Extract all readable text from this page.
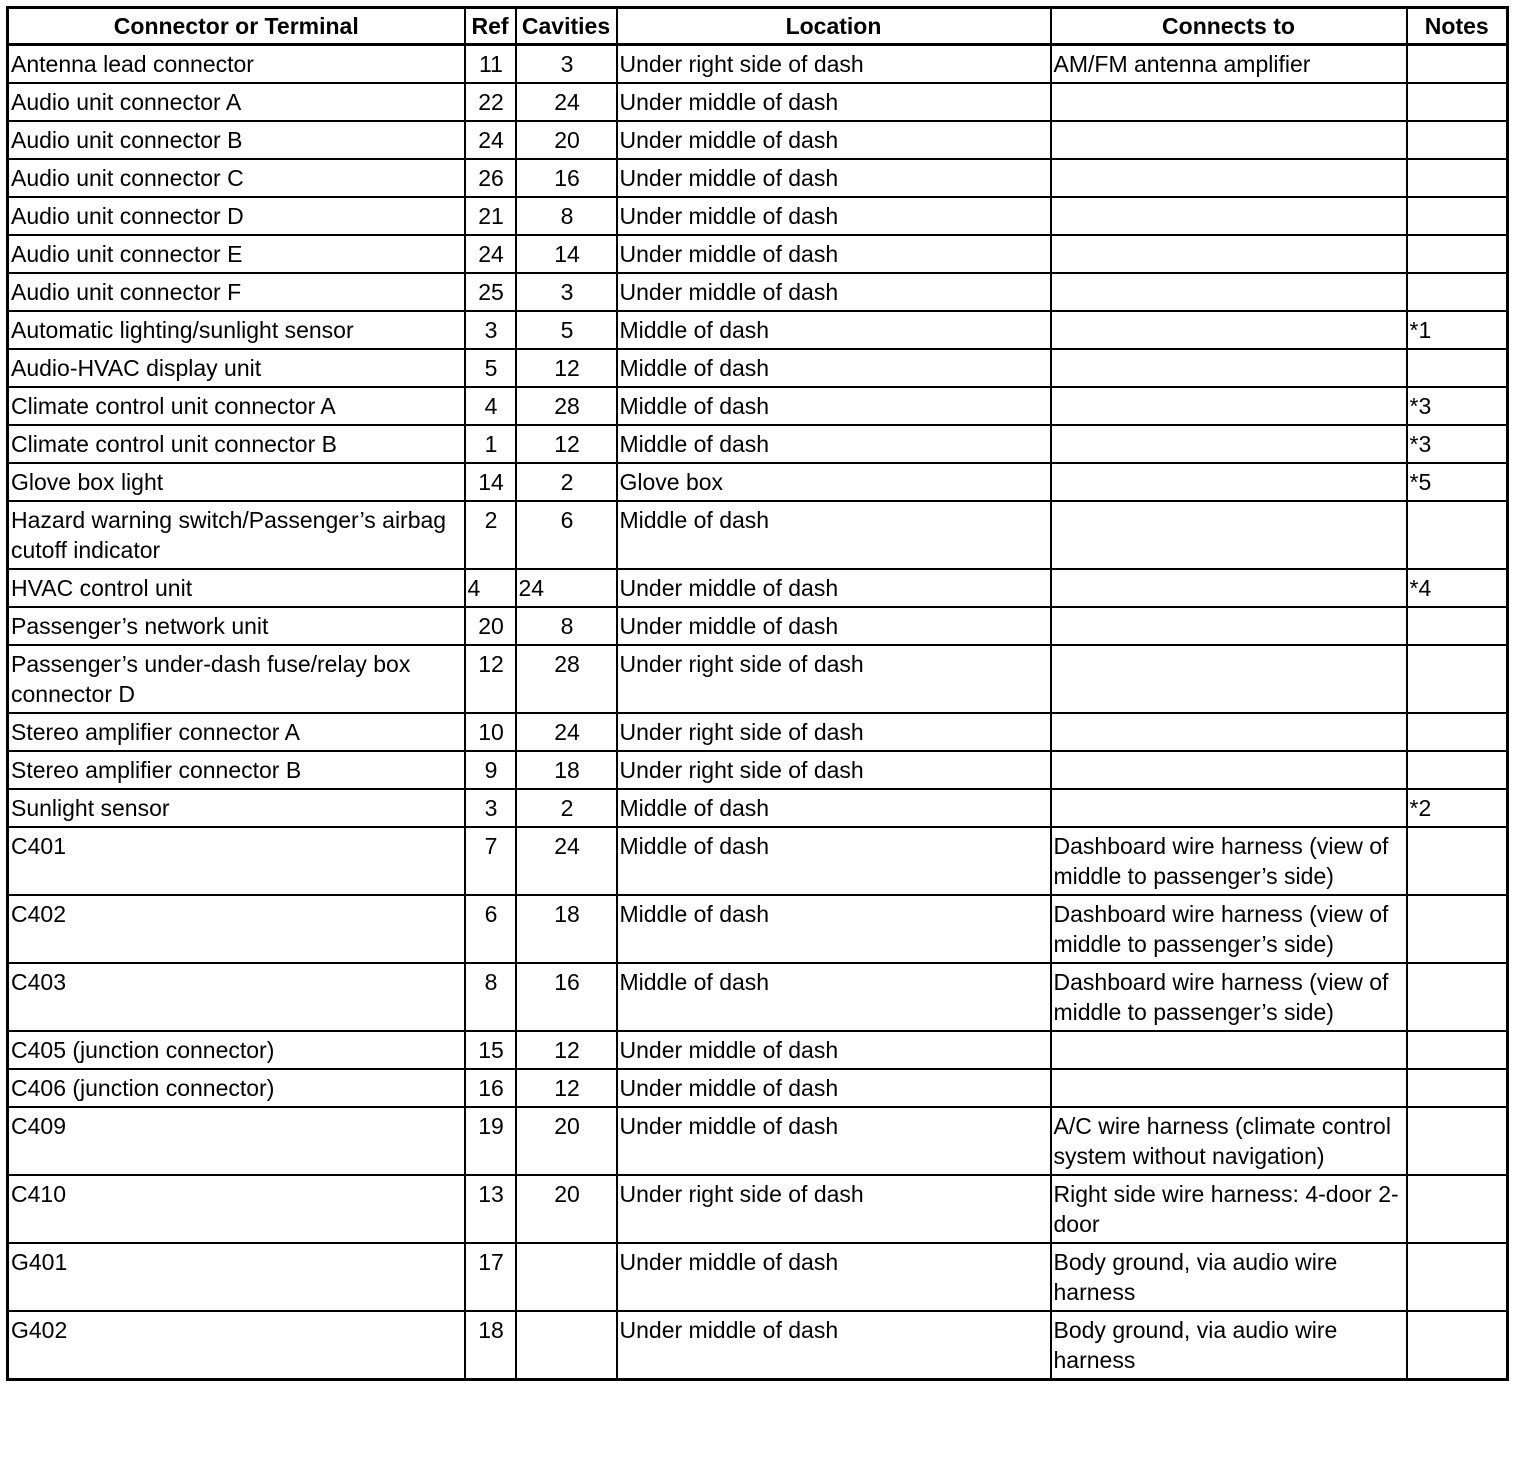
Connector or Terminal	Ref	Cavities	Location	Connects to	Notes
Antenna lead connector	11	3	Under right side of dash	AM/FM antenna amplifier	
Audio unit connector A	22	24	Under middle of dash		
Audio unit connector B	24	20	Under middle of dash		
Audio unit connector C	26	16	Under middle of dash		
Audio unit connector D	21	8	Under middle of dash		
Audio unit connector E	24	14	Under middle of dash		
Audio unit connector F	25	3	Under middle of dash		
Automatic lighting/sunlight sensor	3	5	Middle of dash		*1
Audio-HVAC display unit	5	12	Middle of dash		
Climate control unit connector A	4	28	Middle of dash		*3
Climate control unit connector B	1	12	Middle of dash		*3
Glove box light	14	2	Glove box		*5
Hazard warning switch/Passenger’s airbag cutoff indicator	2	6	Middle of dash		
HVAC control unit	4	24	Under middle of dash		*4
Passenger’s network unit	20	8	Under middle of dash		
Passenger’s under-dash fuse/relay box connector D	12	28	Under right side of dash		
Stereo amplifier connector A	10	24	Under right side of dash		
Stereo amplifier connector B	9	18	Under right side of dash		
Sunlight sensor	3	2	Middle of dash		*2
C401	7	24	Middle of dash	Dashboard wire harness (view of middle to passenger’s side)	
C402	6	18	Middle of dash	Dashboard wire harness (view of middle to passenger’s side)	
C403	8	16	Middle of dash	Dashboard wire harness (view of middle to passenger’s side)	
C405 (junction connector)	15	12	Under middle of dash		
C406 (junction connector)	16	12	Under middle of dash		
C409	19	20	Under middle of dash	A/C wire harness (climate control system without navigation)	
C410	13	20	Under right side of dash	Right side wire harness: 4-door 2-door	
G401	17		Under middle of dash	Body ground, via audio wire harness	
G402	18		Under middle of dash	Body ground, via audio wire harness	
